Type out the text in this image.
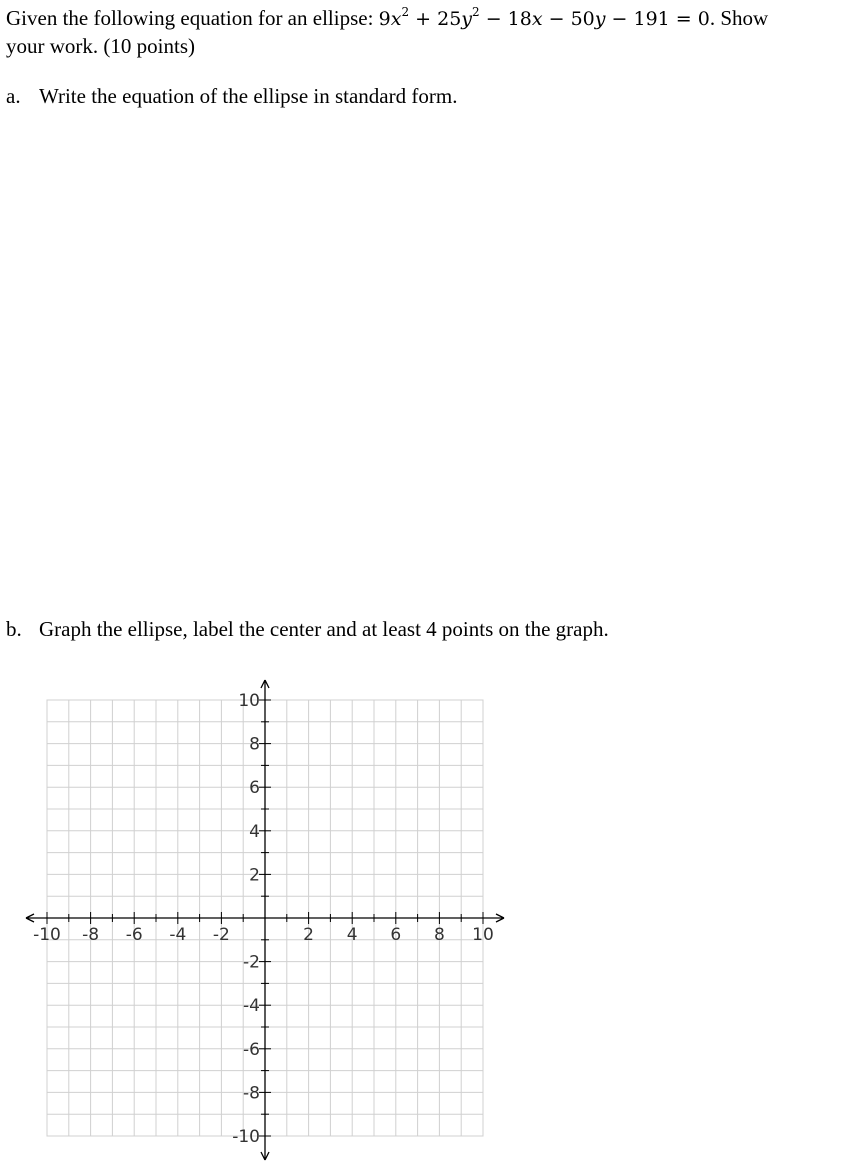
Given the following equation for an ellipse: 9𝑥$^2$ + 25𝑦$^2$ − 18𝑥 − 50𝑦 − 191 = 0. Show
your work. (10 points)
a. Write the equation of the ellipse in standard form.
b. Graph the ellipse, label the center and at least 4 points on the graph.
-10 -8 -6 -4 -2	2 4 6 8 10
10
8
6
4
2
-2
-4
-6
-8
-10
